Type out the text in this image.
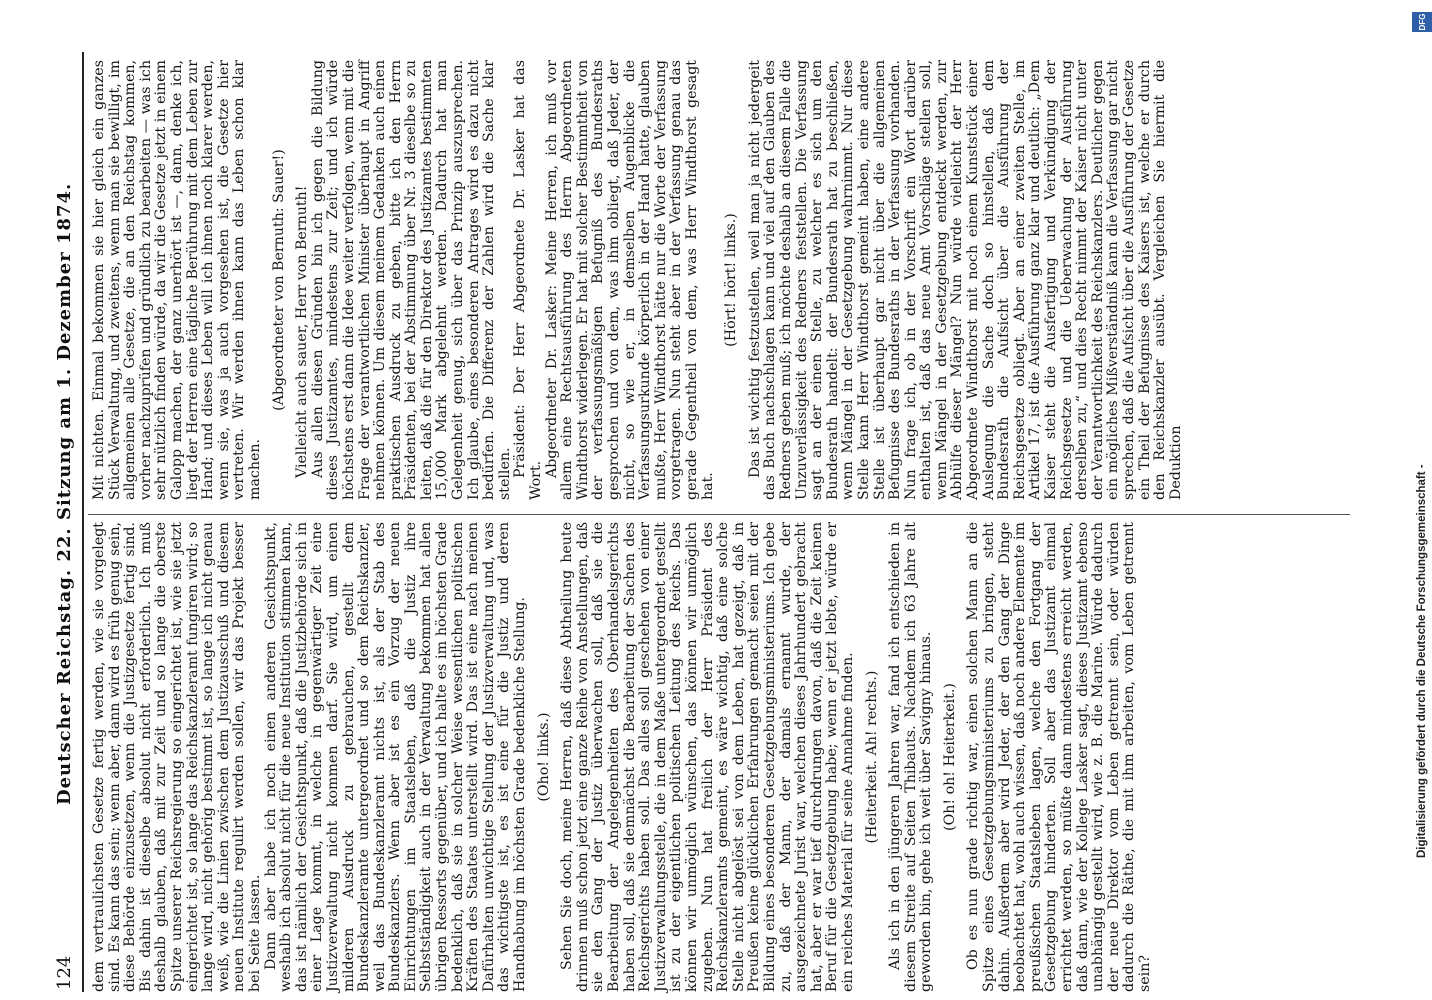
124
Deutscher Reichstag. 22. Sitzung am 1. Dezember 1874. dem vertraulichsten Gesetze fertig werden, wie sie vorgelegt sind. Es kann das sein; wenn aber, dann wird es früh genug sein, diese Behörde einzusetzen, wenn die Justizgesetze fertig sind. Bis dahin ist dieselbe absolut nicht erforderlich. Ich muß deshalb glauben, daß mit zur Zeit und so lange die oberste Spitze unserer Reichsregierung so eingerichtet ist, wie sie jetzt eingerichtet ist, so lange das Reichskanzleramt fungiren wird; so lange wird, nicht gehörig bestimmt ist, so lange ich nicht genau weiß, wie die Linien zwischen dem Justizausschuß und diesem neuen Institute regulirt werden sollen, wir das Projekt besser bei Seite lassen. Dann aber habe ich noch einen anderen Gesichtspunkt, weshalb ich absolut nicht für die neue Institution stimmen kann, das ist nämlich der Gesichtspunkt, daß die Justizbehörde sich in einer Lage kommt, in welche in gegenwärtiger Zeit eine Justizverwaltung nicht kommen darf. Sie wird, um einen milderen Ausdruck zu gebrauchen, gestellt dem Bundeskanzleramte untergeordnet und so dem Reichskanzler, weil das Bundeskanzleramt nichts ist, als der Stab des Bundeskanzlers. Wenn aber ist es ein Vorzug der neuen Einrichtungen im Staatsleben, daß die Justiz ihre Selbstständigkeit auch in der Verwaltung bekommen hat allen übrigen Ressorts gegenüber, und ich halte es im höchsten Grade bedenklich, daß sie in solcher Weise wesentlichen politischen Kräften des Staates unterstellt wird. Das ist eine nach meinen Dafürhalten unwichtige Stellung der Justizverwaltung und, was das wichtigste ist, es ist eine für die Justiz und deren Handhabung im höchsten Grade bedenkliche Stellung. (Oho! links.) Sehen Sie doch, meine Herren, daß diese Abtheilung heute drinnen muß schon jetzt eine ganze Reihe von Anstellungen, daß sie den Gang der Justiz überwachen soll, daß sie die Bearbeitung der Angelegenheiten des Oberhandelsgerichts haben soll, daß sie demnächst die Bearbeitung der Sachen des Reichsgerichts haben soll. Das alles soll geschehen von einer Justizverwaltungsstelle, die in dem Maße untergeordnet gestellt ist zu der eigentlichen politischen Leitung des Reichs. Das können wir unmöglich wünschen, das können wir unmöglich zugeben. Nun hat freilich der Herr Präsident des Reichskanzleramts gemeint, es wäre wichtig, daß eine solche Stelle nicht abgelöst sei von dem Leben, hat gezeigt, daß in Preußen keine glücklichen Erfahrungen gemacht seien mit der Bildung eines besonderen Gesetzgebungsministeriums. Ich gebe zu, daß der Mann, der damals ernannt wurde, der ausgezeichnete Jurist war, welchen dieses Jahrhundert gebracht hat, aber er war tief durchdrungen davon, daß die Zeit keinen Beruf für die Gesetzgebung habe; wenn er jetzt lebte, würde er ein reiches Material für seine Annahme finden. (Heiterkeit. Ah! rechts.) Als ich in den jüngeren Jahren war, fand ich entschieden in diesem Streite auf Seiten Thibauts. Nachdem ich 63 Jahre alt geworden bin, gehe ich weit über Savigny hinaus. (Oh! oh! Heiterkeit.) Ob es nun grade richtig war, einen solchen Mann an die Spitze eines Gesetzgebungsministeriums zu bringen, steht dahin. Außerdem aber wird Jeder, der den Gang der Dinge beobachtet hat, wohl auch wissen, daß noch andere Elemente im preußischen Staatsleben lagen, welche den Fortgang der Gesetzgebung hinderten. Soll aber das Justizamt einmal errichtet werden, so müßte dann mindestens erreicht werden, daß dann, wie der Kollege Lasker sagt, dieses Justizamt ebenso unabhängig gestellt wird, wie z. B. die Marine. Würde dadurch der neue Direktor vom Leben getrennt sein, oder würden dadurch die Räthe, die mit ihm arbeiten, vom Leben getrennt sein?

Mit nichten. Einmal bekommen sie hier gleich ein ganzes Stück Verwaltung, und zweitens, wenn man sie bewilligt, im allgemeinen alle Gesetze, die an den Reichstag kommen, vorher nachzuprüfen und gründlich zu bearbeiten — was ich sehr nützlich finden würde, da wir die Gesetze jetzt in einem Galopp machen, der ganz unerhört ist —, dann, denke ich, liegt der Herren eine tägliche Berührung mit dem Leben zur Hand; und dieses Leben will ich ihnen noch klarer werden, wenn sie, was ja auch vorgesehen ist, die Gesetze hier vertreten. Wir werden ihnen kann das Leben schon klar machen.

(Abgeordneter von Bernuth: Sauer!) Vielleicht auch sauer, Herr von Bernuth! Aus allen diesen Gründen bin ich gegen die Bildung dieses Justizamtes, mindestens zur Zeit; und ich würde höchstens erst dann die Idee weiter verfolgen, wenn mit die Frage der verantwortlichen Minister überhaupt in Angriff nehmen können. Um diesem meinem Gedanken auch einen praktischen Ausdruck zu geben, bitte ich den Herrn Präsidenten, bei der Abstimmung über Nr. 3 dieselbe so zu leiten, daß die für den Direktor des Justizamtes bestimmten 15,000 Mark abgelehnt werden. Dadurch hat man Gelegenheit genug, sich über das Prinzip auszusprechen. Ich glaube, eines besonderen Antrages wird es dazu nicht bedürfen. Die Differenz der Zahlen wird die Sache klar stellen. Präsident: Der Herr Abgeordnete Dr. Lasker hat das Wort.

Abgeordneter Dr. Lasker: Meine Herren, ich muß vor allem eine Rechtsausführung des Herrn Abgeordneten Windthorst widerlegen. Er hat mit solcher Bestimmtheit von der verfassungsmäßigen Befugniß des Bundesraths gesprochen und von dem, was ihm obliegt, daß Jeder, der nicht, so wie er, in demselben Augenblicke die Verfassungsurkunde körperlich in der Hand hatte, glauben mußte, Herr Windthorst hätte nur die Worte der Verfassung vorgetragen. Nun steht aber in der Verfassung genau das gerade Gegentheil von dem, was Herr Windthorst gesagt hat.

(Hört! hört! links.) Das ist wichtig festzustellen, weil man ja nicht jedergeit das Buch nachschlagen kann und viel auf den Glauben des Redners geben muß; ich möchte deshalb an diesem Falle die Unzuverlässigkeit des Redners feststellen. Die Verfassung sagt an der einen Stelle, zu welcher es sich um den Bundesrath handelt: der Bundesrath hat zu beschließen, wenn Mängel in der Gesetzgebung wahrnimmt. Nur diese Stelle kann Herr Windthorst gemeint haben, eine andere Stelle ist überhaupt gar nicht über die allgemeinen Befugnisse des Bundesraths in der Verfassung vorhanden. Nun frage ich, ob in der Vorschrift ein Wort darüber enthalten ist, daß das neue Amt Vorschläge stellen soll, wenn Mängel in der Gesetzgebung entdeckt werden, zur Abhülfe dieser Mängel? Nun würde vielleicht der Herr Abgeordnete Windthorst mit noch einem Kunststück einer Auslegung die Sache doch so hinstellen, daß dem Bundesrath die Aufsicht über die Ausführung der Reichsgesetze obliegt. Aber an einer zweiten Stelle, im Artikel 17, ist die Ausführung ganz klar und deutlich: „Dem Kaiser steht die Ausfertigung und Verkündigung der Reichsgesetze und die Ueberwachung der Ausführung derselben zu,“ und dies Recht nimmt der Kaiser nicht unter der Verantwortlichkeit des Reichskanzlers. Deutlicher gegen ein mögliches Mißverständniß kann die Verfassung gar nicht sprechen, daß die Aufsicht über die Ausführung der Gesetze ein Theil der Befugnisse des Kaisers ist, welche er durch den Reichskanzler ausübt. Vergleichen Sie hiermit die Deduktion

Digitalisierung gefördert durch die Deutsche Forschungsgemeinschaft -
DFG
